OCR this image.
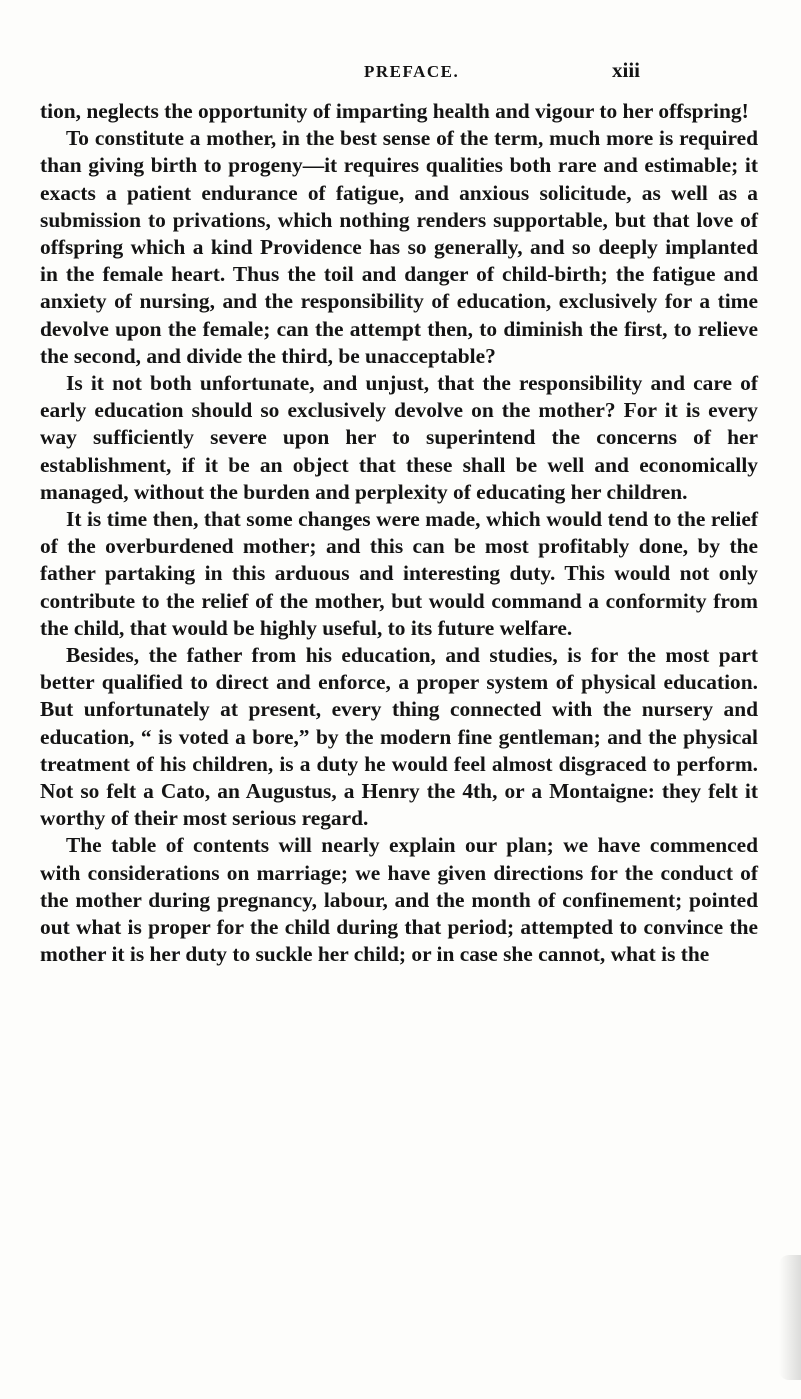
PREFACE.	xiii

tion, neglects the opportunity of imparting health and vigour to her offspring!

To constitute a mother, in the best sense of the term, much more is required than giving birth to progeny—it requires qualities both rare and estimable; it exacts a patient endurance of fatigue, and anxious solicitude, as well as a submission to privations, which nothing renders supportable, but that love of offspring which a kind Providence has so generally, and so deeply implanted in the female heart. Thus the toil and danger of child-birth; the fatigue and anxiety of nursing, and the responsibility of education, exclusively for a time devolve upon the female; can the attempt then, to diminish the first, to relieve the second, and divide the third, be unacceptable?

Is it not both unfortunate, and unjust, that the responsibility and care of early education should so exclusively devolve on the mother? For it is every way sufficiently severe upon her to superintend the concerns of her establishment, if it be an object that these shall be well and economically managed, without the burden and perplexity of educating her children.

It is time then, that some changes were made, which would tend to the relief of the overburdened mother; and this can be most profitably done, by the father partaking in this arduous and interesting duty. This would not only contribute to the relief of the mother, but would command a conformity from the child, that would be highly useful, to its future welfare.

Besides, the father from his education, and studies, is for the most part better qualified to direct and enforce, a proper system of physical education. But unfortunately at present, every thing connected with the nursery and education, “ is voted a bore,” by the modern fine gentleman; and the physical treatment of his children, is a duty he would feel almost disgraced to perform. Not so felt a Cato, an Augustus, a Henry the 4th, or a Montaigne: they felt it worthy of their most serious regard.

The table of contents will nearly explain our plan; we have commenced with considerations on marriage; we have given directions for the conduct of the mother during pregnancy, labour, and the month of confinement; pointed out what is proper for the child during that period; attempted to convince the mother it is her duty to suckle her child; or in case she cannot, what is the
